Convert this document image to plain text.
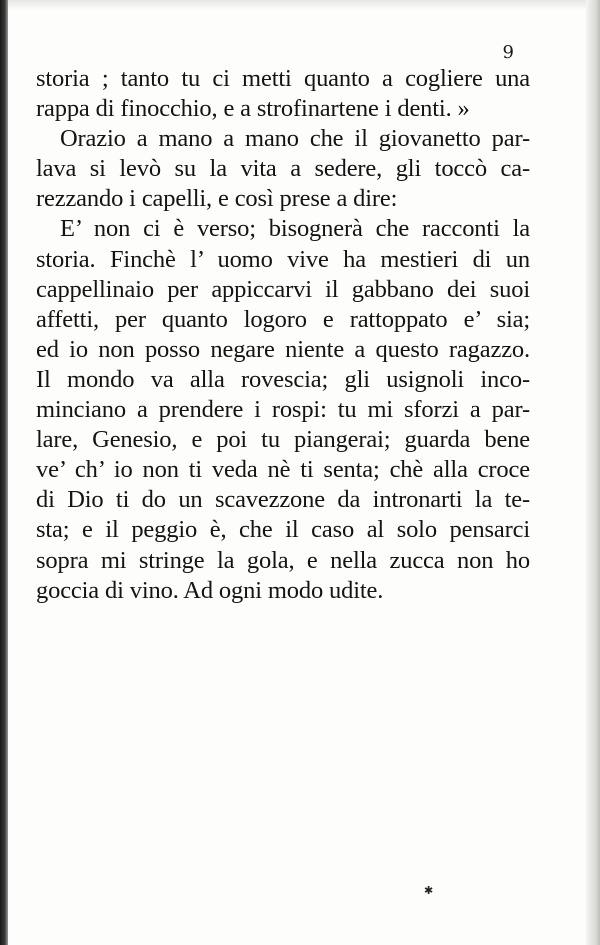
9
storia ; tanto tu ci metti quanto a cogliere una
rappa di finocchio, e a strofinartene i denti. »
Orazio a mano a mano che il giovanetto par-
lava si levò su la vita a sedere, gli toccò ca-
rezzando i capelli, e così prese a dire:
E’ non ci è verso; bisognerà che racconti la
storia. Finchè l’ uomo vive ha mestieri di un
cappellinaio per appiccarvi il gabbano dei suoi
affetti, per quanto logoro e rattoppato e’ sia;
ed io non posso negare niente a questo ragazzo.
Il mondo va alla rovescia; gli usignoli inco-
minciano a prendere i rospi: tu mi sforzi a par-
lare, Genesio, e poi tu piangerai; guarda bene
ve’ ch’ io non ti veda nè ti senta; chè alla croce
di Dio ti do un scavezzone da intronarti la te-
sta; e il peggio è, che il caso al solo pensarci
sopra mi stringe la gola, e nella zucca non ho
goccia di vino. Ad ogni modo udite.
✱
